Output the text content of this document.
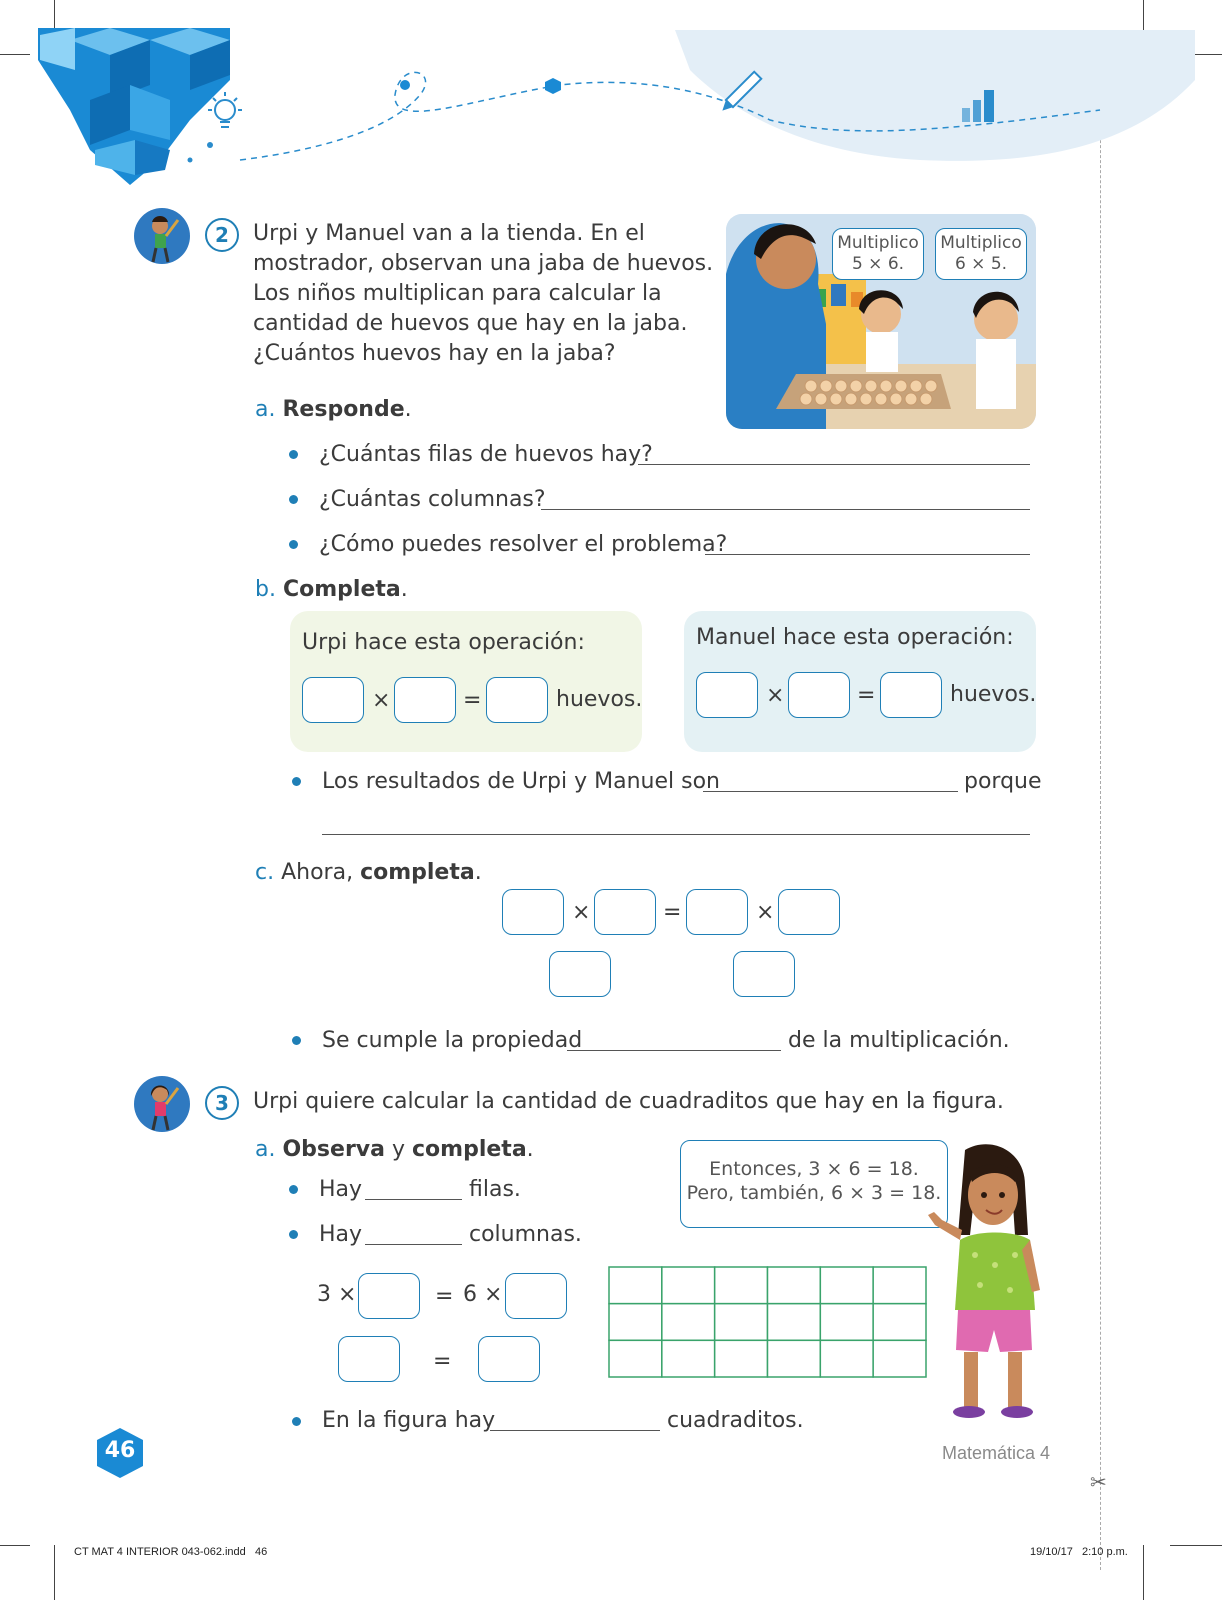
✂
2	Urpi y Manuel van a la tienda. En el
mostrador, observan una jaba de huevos.
Los niños multiplican para calcular la
cantidad de huevos que hay en la jaba.
¿Cuántos huevos hay en la jaba?
Multiplico
5 × 6.
Multiplico
6 × 5.
a. Responde.
¿Cuántas filas de huevos hay?
¿Cuántas columnas?
¿Cómo puedes resolver el problema?
b. Completa.
Urpi hace esta operación:
×	=	huevos.
Manuel hace esta operación:
×	=	huevos.
Los resultados de Urpi y Manuel son	porque
c. Ahora, completa.
×	=	×
Se cumple la propiedad	de la multiplicación.
3	Urpi quiere calcular la cantidad de cuadraditos que hay en la figura.
a. Observa y completa.
Hay	filas.
Hay	columnas.
3 ×	= 6 ×
=
Entonces, 3 × 6 = 18.
Pero, también, 6 × 3 = 18.
En la figura hay	cuadraditos.
46	Matemática 4
CT MAT 4 INTERIOR 043-062.indd   46	19/10/17   2:10 p.m.
